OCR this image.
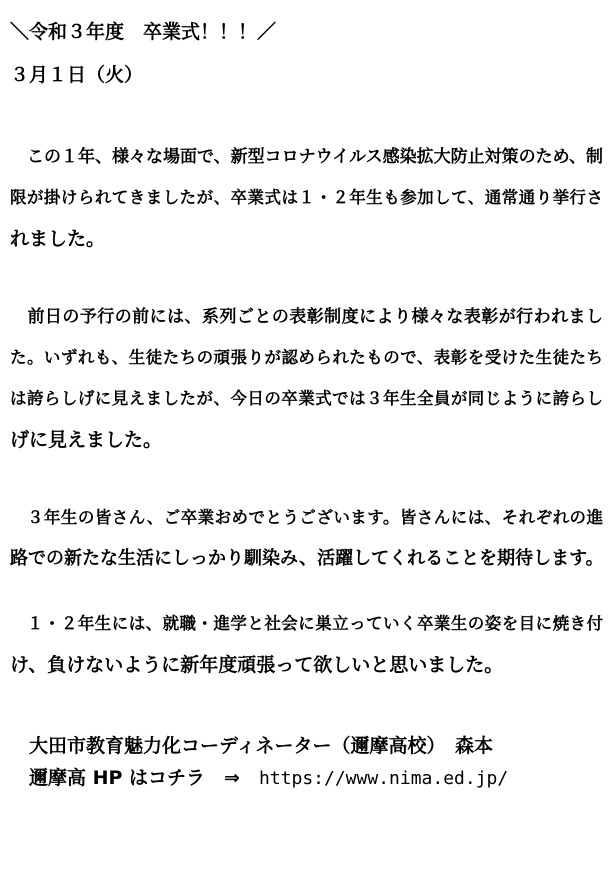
＼令和３年度　卒業式！！！／
３月１日（火）
　この１年、様々な場面で、新型コロナウイルス感染拡大防止対策のため、制
限が掛けられてきましたが、卒業式は１・２年生も参加して、通常通り挙行さ
れました。
　前日の予行の前には、系列ごとの表彰制度により様々な表彰が行われまし
た。いずれも、生徒たちの頑張りが認められたもので、表彰を受けた生徒たち
は誇らしげに見えましたが、今日の卒業式では３年生全員が同じように誇らし
げに見えました。
　３年生の皆さん、ご卒業おめでとうございます。皆さんには、それぞれの進
路での新たな生活にしっかり馴染み、活躍してくれることを期待します。
　１・２年生には、就職・進学と社会に巣立っていく卒業生の姿を目に焼き付
け、負けないように新年度頑張って欲しいと思いました。
　大田市教育魅力化コーディネーター（邇摩高校）　森本
　邇摩高 HP はコチラ　⇒　https://www.nima.ed.jp/
